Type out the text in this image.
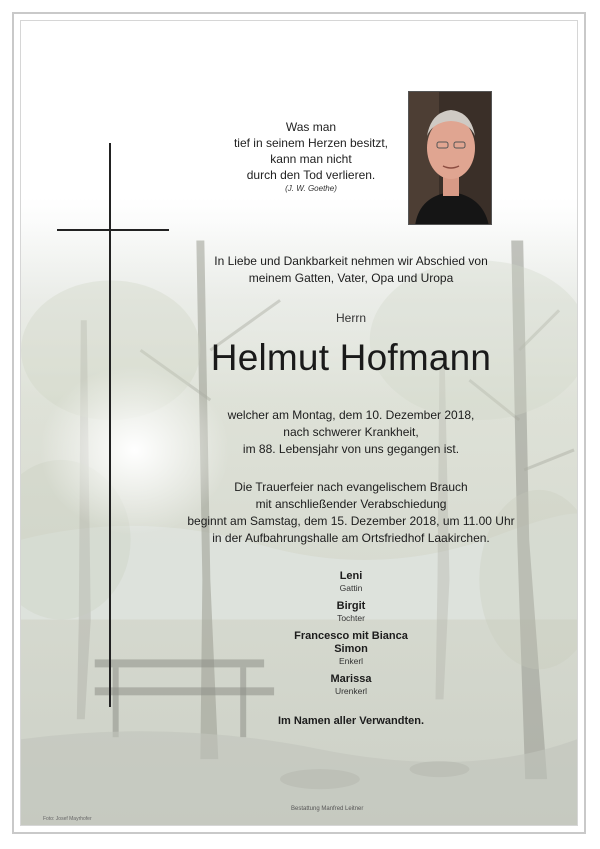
Was man
tief in seinem Herzen besitzt,
kann man nicht
durch den Tod verlieren.
(J. W. Goethe)
In Liebe und Dankbarkeit nehmen wir Abschied von
meinem Gatten, Vater, Opa und Uropa
Herrn
Helmut Hofmann
welcher am Montag, dem 10. Dezember 2018,
nach schwerer Krankheit,
im 88. Lebensjahr von uns gegangen ist.
Die Trauerfeier nach evangelischem Brauch
mit anschließender Verabschiedung
beginnt am Samstag, dem 15. Dezember 2018, um 11.00 Uhr
in der Aufbahrungshalle am Ortsfriedhof Laakirchen.
Leni
Gattin
Birgit
Tochter
Francesco mit Bianca
Simon
Enkerl
Marissa
Urenkerl
Im Namen aller Verwandten.
Foto: Josef Mayrhofer
Bestattung Manfred Leitner
